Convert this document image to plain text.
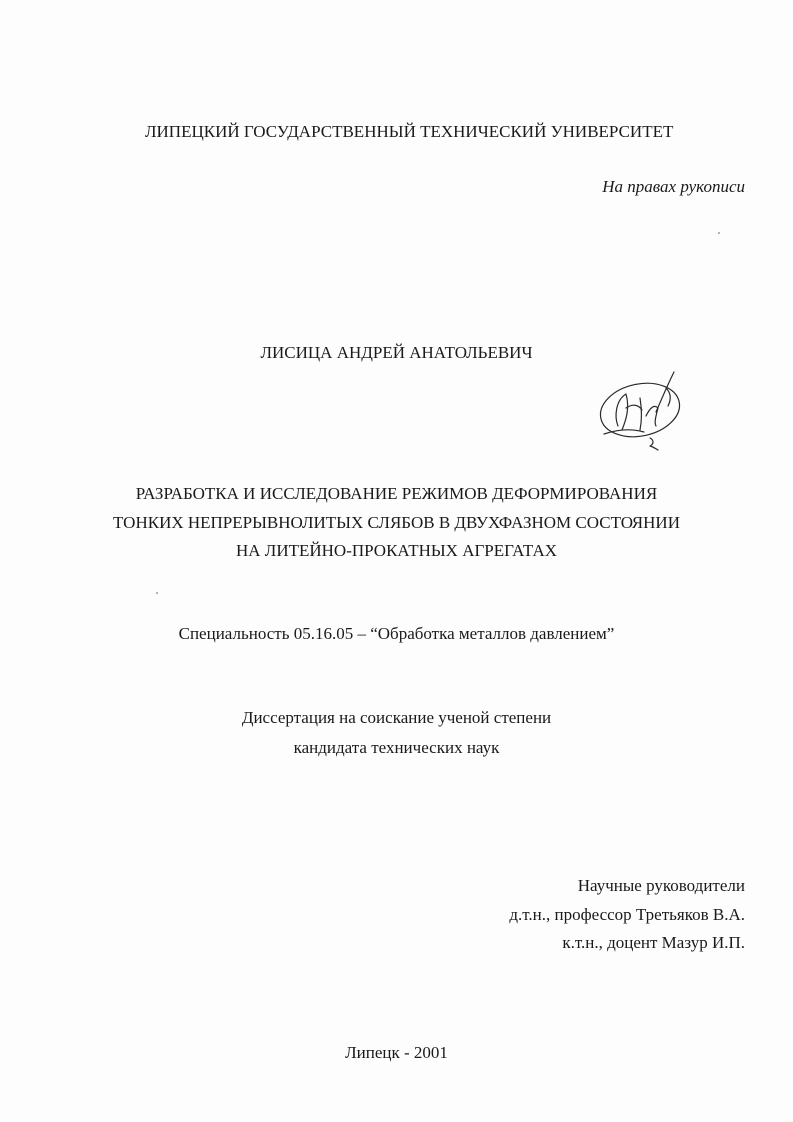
ЛИПЕЦКИЙ ГОСУДАРСТВЕННЫЙ ТЕХНИЧЕСКИЙ УНИВЕРСИТЕТ
На правах рукописи
ЛИСИЦА АНДРЕЙ АНАТОЛЬЕВИЧ
РАЗРАБОТКА И ИССЛЕДОВАНИЕ РЕЖИМОВ ДЕФОРМИРОВАНИЯ
ТОНКИХ НЕПРЕРЫВНОЛИТЫХ СЛЯБОВ В ДВУХФАЗНОМ СОСТОЯНИИ
НА ЛИТЕЙНО-ПРОКАТНЫХ АГРЕГАТАХ
Специальность 05.16.05 – “Обработка металлов давлением”
Диссертация на соискание ученой степени
кандидата технических наук
Научные руководители
д.т.н., профессор Третьяков В.А.
к.т.н., доцент Мазур И.П.
Липецк - 2001
